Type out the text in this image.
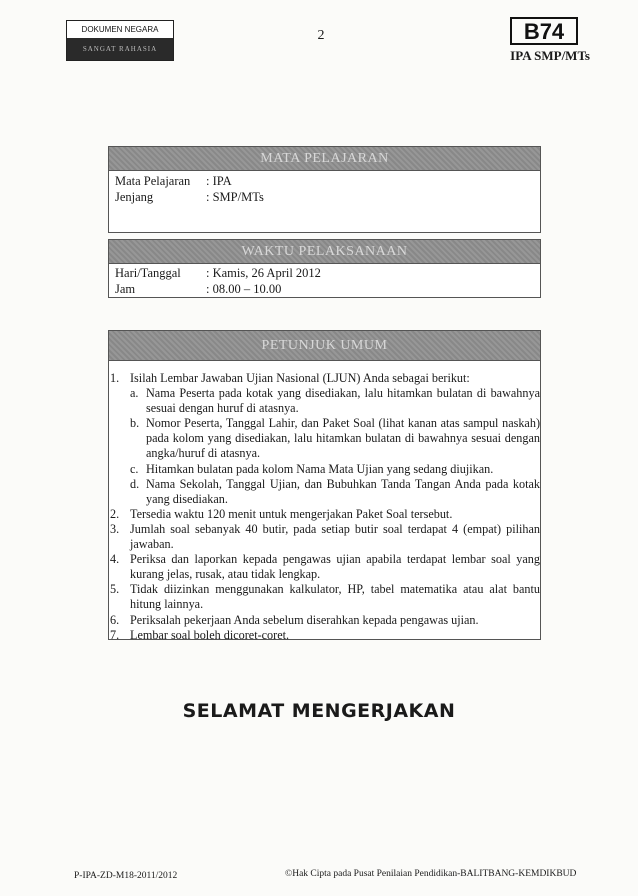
DOKUMEN NEGARA
SANGAT RAHASIA
2	B74
IPA SMP/MTs
MATA PELAJARAN
Mata Pelajaran	: IPA
Jenjang	: SMP/MTs
WAKTU PELAKSANAAN
Hari/Tanggal	: Kamis, 26 April 2012
Jam	: 08.00 – 10.00
PETUNJUK UMUM
1. Isilah Lembar Jawaban Ujian Nasional (LJUN) Anda sebagai berikut:
a. Nama Peserta pada kotak yang disediakan, lalu hitamkan bulatan di bawahnya sesuai dengan huruf di atasnya.
b. Nomor Peserta, Tanggal Lahir, dan Paket Soal (lihat kanan atas sampul naskah) pada kolom yang disediakan, lalu hitamkan bulatan di bawahnya sesuai dengan angka/huruf di atasnya.
c. Hitamkan bulatan pada kolom Nama Mata Ujian yang sedang diujikan.
d. Nama Sekolah, Tanggal Ujian, dan Bubuhkan Tanda Tangan Anda pada kotak yang disediakan.
2. Tersedia waktu 120 menit untuk mengerjakan Paket Soal tersebut.
3. Jumlah soal sebanyak 40 butir, pada setiap butir soal terdapat 4 (empat) pilihan jawaban.
4. Periksa dan laporkan kepada pengawas ujian apabila terdapat lembar soal yang kurang jelas, rusak, atau tidak lengkap.
5. Tidak diizinkan menggunakan kalkulator, HP, tabel matematika atau alat bantu hitung lainnya.
6. Periksalah pekerjaan Anda sebelum diserahkan kepada pengawas ujian.
7. Lembar soal boleh dicoret-coret.
SELAMAT MENGERJAKAN
P-IPA-ZD-M18-2011/2012	©Hak Cipta pada Pusat Penilaian Pendidikan-BALITBANG-KEMDIKBUD
